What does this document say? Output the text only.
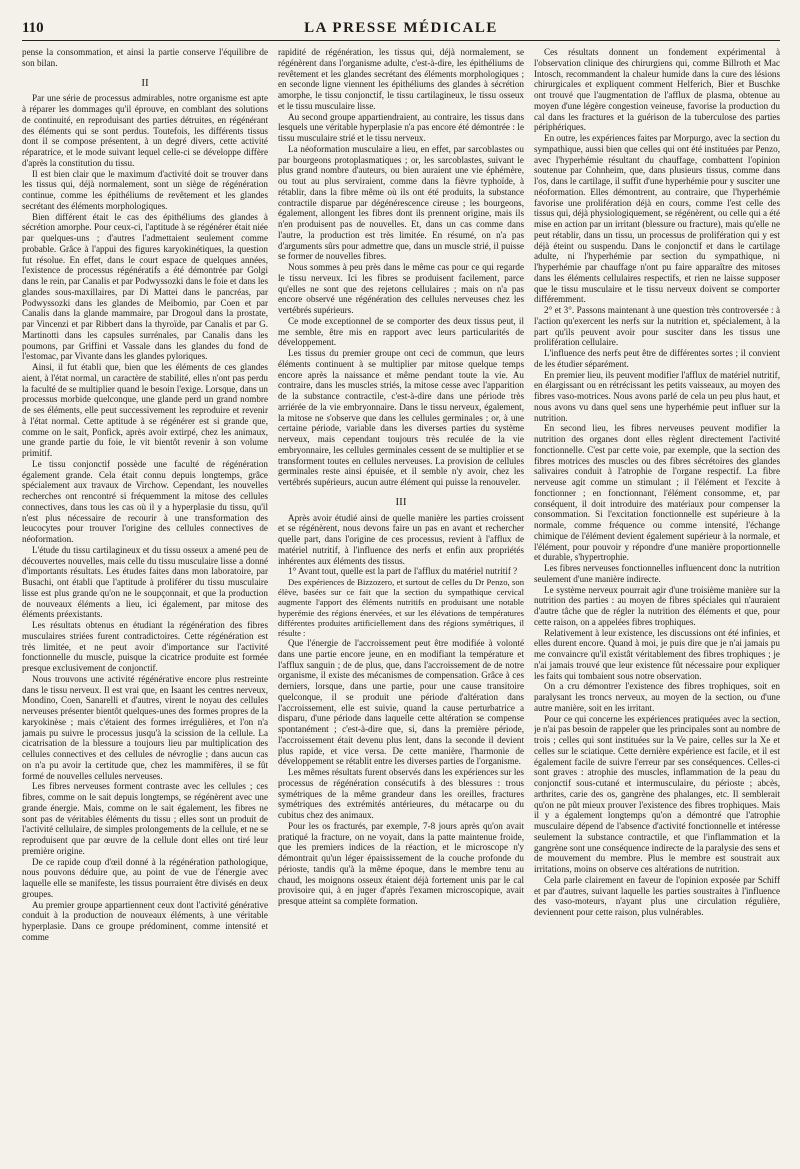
110	LA PRESSE MÉDICALE

pense la consommation, et ainsi la partie conserve l'équilibre de son bilan.

II

Par une série de processus admirables, notre organisme est apte à réparer les dommages qu'il éprouve, en comblant des solutions de continuité, en reproduisant des parties détruites, en régénérant des éléments qui se sont perdus. Toutefois, les différents tissus dont il se compose présentent, à un degré divers, cette activité réparatrice, et le mode suivant lequel celle-ci se développe diffère d'après la constitution du tissu.

Il est bien clair que le maximum d'activité doit se trouver dans les tissus qui, déjà normalement, sont un siège de régénération continue, comme les épithéliums de revêtement et les glandes secrétant des éléments morphologiques.

Bien différent était le cas des épithéliums des glandes à sécrétion amorphe. Pour ceux-ci, l'aptitude à se régénérer était niée par quelques-uns ; d'autres l'admettaient seulement comme probable. Grâce à l'appui des figures karyokinétiques, la question fut résolue. En effet, dans le court espace de quelques années, l'existence de processus régénératifs a été démontrée par Golgi dans le rein, par Canalis et par Podwyssozki dans le foie et dans les glandes sous-maxillaires, par Di Mattei dans le pancréas, par Podwyssozki dans les glandes de Meibomio, par Coen et par Canalis dans la glande mammaire, par Drogoul dans la prostate, par Vincenzi et par Ribbert dans la thyroïde, par Canalis et par G. Martinotti dans les capsules surrénales, par Canalis dans les poumons, par Griffini et Vassale dans les glandes du fond de l'estomac, par Vivante dans les glandes pyloriques.

Ainsi, il fut établi que, bien que les éléments de ces glandes aient, à l'état normal, un caractère de stabilité, elles n'ont pas perdu la faculté de se multiplier quand le besoin l'exige. Lorsque, dans un processus morbide quelconque, une glande perd un grand nombre de ses éléments, elle peut successivement les reproduire et revenir à l'état normal. Cette aptitude à se régénérer est si grande que, comme on le sait, Ponfick, après avoir extirpé, chez les animaux, une grande partie du foie, le vit bientôt revenir à son volume primitif.

Le tissu conjonctif possède une faculté de régénération également grande. Cela était connu depuis longtemps, grâce spécialement aux travaux de Virchow. Cependant, les nouvelles recherches ont rencontré si fréquemment la mitose des cellules connectives, dans tous les cas où il y a hyperplasie du tissu, qu'il n'est plus nécessaire de recourir à une transformation des leucocytes pour trouver l'origine des cellules connectives de néoformation.

L'étude du tissu cartilagineux et du tissu osseux a amené peu de découvertes nouvelles, mais celle du tissu musculaire lisse a donné d'importants résultats. Les études faites dans mon laboratoire, par Busachi, ont établi que l'aptitude à proliférer du tissu musculaire lisse est plus grande qu'on ne le soupçonnait, et que la production de nouveaux éléments a lieu, ici également, par mitose des éléments préexistants.

Les résultats obtenus en étudiant la régénération des fibres musculaires striées furent contradictoires. Cette régénération est très limitée, et ne peut avoir d'importance sur l'activité fonctionnelle du muscle, puisque la cicatrice produite est formée presque exclusivement de conjonctif.

Nous trouvons une activité régénérative encore plus restreinte dans le tissu nerveux. Il est vrai que, en Isaant les centres nerveux, Mondino, Coen, Sanarelli et d'autres, virent le noyau des cellules nerveuses présenter bientôt quelques-unes des formes propres de la karyokinèse ; mais c'étaient des formes irrégulières, et l'on n'a jamais pu suivre le processus jusqu'à la scission de la cellule. La cicatrisation de la blessure a toujours lieu par multiplication des cellules connectives et des cellules de névroglie ; dans aucun cas on n'a pu avoir la certitude que, chez les mammifères, il se fût formé de nouvelles cellules nerveuses.

Les fibres nerveuses forment contraste avec les cellules ; ces fibres, comme on le sait depuis longtemps, se régénèrent avec une grande énergie. Mais, comme on le sait également, les fibres ne sont pas de véritables éléments du tissu ; elles sont un produit de l'activité cellulaire, de simples prolongements de la cellule, et ne se reproduisent que par œuvre de la cellule dont elles ont tiré leur première origine.

De ce rapide coup d'œil donné à la régénération pathologique, nous pouvons déduire que, au point de vue de l'énergie avec laquelle elle se manifeste, les tissus pourraient être divisés en deux groupes.

Au premier groupe appartiennent ceux dont l'activité générative conduit à la production de nouveaux éléments, à une véritable hyperplasie. Dans ce groupe prédominent, comme intensité et comme

rapidité de régénération, les tissus qui, déjà normalement, se régénèrent dans l'organisme adulte, c'est-à-dire, les épithéliums de revêtement et les glandes secrétant des éléments morphologiques ; en seconde ligne viennent les épithéliums des glandes à sécrétion amorphe, le tissu conjonctif, le tissu cartilagineux, le tissu osseux et le tissu musculaire lisse.

Au second groupe appartiendraient, au contraire, les tissus dans lesquels une véritable hyperplasie n'a pas encore été démontrée : le tissu musculaire strié et le tissu nerveux.

La néoformation musculaire a lieu, en effet, par sarcoblastes ou par bourgeons protoplasmatiques ; or, les sarcoblastes, suivant le plus grand nombre d'auteurs, ou bien auraient une vie éphémère, ou tout au plus serviraient, comme dans la fièvre typhoïde, à rétablir, dans la fibre même où ils ont été produits, la substance contractile disparue par dégénérescence cireuse ; les bourgeons, également, allongent les fibres dont ils prennent origine, mais ils n'en produisent pas de nouvelles. Et, dans un cas comme dans l'autre, la production est très limitée. En résumé, on n'a pas d'arguments sûrs pour admettre que, dans un muscle strié, il puisse se former de nouvelles fibres.

Nous sommes à peu près dans le même cas pour ce qui regarde le tissu nerveux. Ici les fibres se produisent facilement, parce qu'elles ne sont que des rejetons cellulaires ; mais on n'a pas encore observé une régénération des cellules nerveuses chez les vertébrés supérieurs.

Ce mode exceptionnel de se comporter des deux tissus peut, il me semble, être mis en rapport avec leurs particularités de développement.

Les tissus du premier groupe ont ceci de commun, que leurs éléments continuent à se multiplier par mitose quelque temps encore après la naissance et même pendant toute la vie. Au contraire, dans les muscles striés, la mitose cesse avec l'apparition de la substance contractile, c'est-à-dire dans une période très arriérée de la vie embryonnaire. Dans le tissu nerveux, également, la mitose ne s'observe que dans les cellules germinales ; or, à une certaine période, variable dans les diverses parties du système nerveux, mais cependant toujours très reculée de la vie embryonnaire, les cellules germinales cessent de se multiplier et se transforment toutes en cellules nerveuses. La provision de cellules germinales reste ainsi épuisée, et il semble n'y avoir, chez les vertébrés supérieurs, aucun autre élément qui puisse la renouveler.

III

Après avoir étudié ainsi de quelle manière les parties croissent et se régénèrent, nous devons faire un pas en avant et rechercher quelle part, dans l'origine de ces processus, revient à l'afflux de matériel nutritif, à l'influence des nerfs et enfin aux propriétés inhérentes aux éléments des tissus.

1° Avant tout, quelle est la part de l'afflux du matériel nutritif ?

Des expériences de Bizzozero, et surtout de celles du Dr Penzo, son élève, basées sur ce fait que la section du sympathique cervical augmente l'apport des éléments nutritifs en produisant une notable hyperémie des régions énervées, et sur les élévations de températures différentes produites artificiellement dans des régions symétriques, il résulte :

Que l'énergie de l'accroissement peut être modifiée à volonté dans une partie encore jeune, en en modifiant la température et l'afflux sanguin ; de de plus, que, dans l'accroissement de de notre organisme, il existe des mécanismes de compensation. Grâce à ces derniers, lorsque, dans une partie, pour une cause transitoire quelconque, il se produit une période d'altération dans l'accroissement, elle est suivie, quand la cause perturbatrice a disparu, d'une période dans laquelle cette altération se compense spontanément ; c'est-à-dire que, si, dans la première période, l'accroissement était devenu plus lent, dans la seconde il devient plus rapide, et vice versa. De cette manière, l'harmonie de développement se rétablit entre les diverses parties de l'organisme.

Les mêmes résultats furent observés dans les expériences sur les processus de régénération consécutifs à des blessures : trous symétriques de la même grandeur dans les oreilles, fractures symétriques des extrémités antérieures, du métacarpe ou du cubitus chez des animaux.

Pour les os fracturés, par exemple, 7-8 jours après qu'on avait pratiqué la fracture, on ne voyait, dans la patte maintenue froide, que les premiers indices de la réaction, et le microscope n'y démontrait qu'un léger épaississement de la couche profonde du périoste, tandis qu'à la même époque, dans le membre tenu au chaud, les moignons osseux étaient déjà fortement unis par le cal provisoire qui, à en juger d'après l'examen microscopique, avait presque atteint sa complète formation.

Ces résultats donnent un fondement expérimental à l'observation clinique des chirurgiens qui, comme Billroth et Mac Intosch, recommandent la chaleur humide dans la cure des lésions chirurgicales et expliquent comment Helferich, Bier et Buschke ont trouvé que l'augmentation de l'afflux de plasma, obtenue au moyen d'une légère congestion veineuse, favorise la production du cal dans les fractures et la guérison de la tuberculose des parties périphériques.

En outre, les expériences faites par Morpurgo, avec la section du sympathique, aussi bien que celles qui ont été instituées par Penzo, avec l'hyperhémie résultant du chauffage, combattent l'opinion soutenue par Cohnheim, que, dans plusieurs tissus, comme dans l'os, dans le cartilage, il suffit d'une hyperhémie pour y susciter une néoformation. Elles démontrent, au contraire, que l'hyperhémie favorise une prolifération déjà en cours, comme l'est celle des tissus qui, déjà physiologiquement, se régénèrent, ou celle qui a été mise en action par un irritant (blessure ou fracture), mais qu'elle ne peut rétablir, dans un tissu, un processus de prolifération qui y est déjà éteint ou suspendu. Dans le conjonctif et dans le cartilage adulte, ni l'hyperhémie par section du sympathique, ni l'hyperhémie par chauffage n'ont pu faire apparaître des mitoses dans les éléments cellulaires respectifs, et rien ne laisse supposer que le tissu musculaire et le tissu nerveux doivent se comporter différemment.

2° et 3°. Passons maintenant à une question très controversée : à l'action qu'exercent les nerfs sur la nutrition et, spécialement, à la part qu'ils peuvent avoir pour susciter dans les tissus une prolifération cellulaire.

L'influence des nerfs peut être de différentes sortes ; il convient de les étudier séparément.

En premier lieu, ils peuvent modifier l'afflux de matériel nutritif, en élargissant ou en rétrécissant les petits vaisseaux, au moyen des fibres vaso-motrices. Nous avons parlé de cela un peu plus haut, et nous avons vu dans quel sens une hyperhémie peut influer sur la nutrition.

En second lieu, les fibres nerveuses peuvent modifier la nutrition des organes dont elles règlent directement l'activité fonctionnelle. C'est par cette voie, par exemple, que la section des fibres motrices des muscles ou des fibres sécrétoires des glandes salivaires conduit à l'atrophie de l'organe respectif. La fibre nerveuse agit comme un stimulant ; il l'élément et l'excite à fonctionner ; en fonctionnant, l'élément consomme, et, par conséquent, il doit introduire des matériaux pour compenser la consommation. Si l'excitation fonctionnelle est supérieure à la normale, comme fréquence ou comme intensité, l'échange chimique de l'élément devient également supérieur à la normale, et l'élément, pour pouvoir y répondre d'une manière proportionnelle et durable, s'hypertrophie.

Les fibres nerveuses fonctionnelles influencent donc la nutrition seulement d'une manière indirecte.

Le système nerveux pourrait agir d'une troisième manière sur la nutrition des parties : au moyen de fibres spéciales qui n'auraient d'autre tâche que de régler la nutrition des éléments et que, pour cette raison, on a appelées fibres trophiques.

Relativement à leur existence, les discussions ont été infinies, et elles durent encore. Quand à moi, je puis dire que je n'ai jamais pu me convaincre qu'il existât véritablement des fibres trophiques ; je n'ai jamais trouvé que leur existence fût nécessaire pour expliquer les faits qui tombaient sous notre observation.

On a cru démontrer l'existence des fibres trophiques, soit en paralysant les troncs nerveux, au moyen de la section, ou d'une autre manière, soit en les irritant.

Pour ce qui concerne les expériences pratiquées avec la section, je n'ai pas besoin de rappeler que les principales sont au nombre de trois ; celles qui sont instituées sur la Ve paire, celles sur la Xe et celles sur le sciatique. Cette dernière expérience est facile, et il est également facile de suivre l'erreur par ses conséquences. Celles-ci sont graves : atrophie des muscles, inflammation de la peau du conjonctif sous-cutané et intermusculaire, du périoste ; abcès, arthrites, carie des os, gangrène des phalanges, etc. Il semblerait qu'on ne pût mieux prouver l'existence des fibres trophiques. Mais il y a également longtemps qu'on a démontré que l'atrophie musculaire dépend de l'absence d'activité fonctionnelle et intéresse seulement la substance contractile, et que l'inflammation et la gangrène sont une conséquence indirecte de la paralysie des sens et de mouvement du membre. Plus le membre est soustrait aux irritations, moins on observe ces altérations de nutrition.

Cela parle clairement en faveur de l'opinion exposée par Schiff et par d'autres, suivant laquelle les parties soustraites à l'influence des vaso-moteurs, n'ayant plus une circulation régulière, deviennent pour cette raison, plus vulnérables.
